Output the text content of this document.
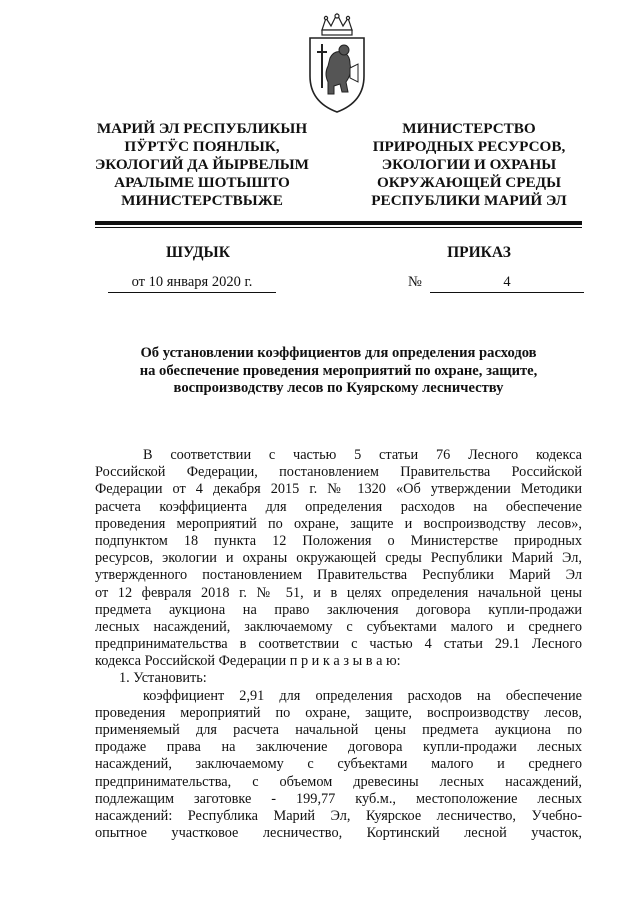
МАРИЙ ЭЛ РЕСПУБЛИКЫН
ПӰРТӰС ПОЯНЛЫК,
ЭКОЛОГИЙ ДА ЙЫРВЕЛЫМ
АРАЛЫМЕ ШОТЫШТО
МИНИСТЕРСТВЫЖЕ
МИНИСТЕРСТВО
ПРИРОДНЫХ РЕСУРСОВ,
ЭКОЛОГИИ И ОХРАНЫ
ОКРУЖАЮЩЕЙ СРЕДЫ
РЕСПУБЛИКИ МАРИЙ ЭЛ
ШУДЫК	ПРИКАЗ
от 10 января 2020 г.	№	4
Об установлении коэффициентов для определения расходов
на обеспечение проведения мероприятий по охране, защите,
воспроизводству лесов по Куярскому лесничеству
В соответствии с частью 5 статьи 76 Лесного кодекса
Российской Федерации, постановлением Правительства Российской
Федерации от 4 декабря 2015 г. № 1320 «Об утверждении Методики
расчета коэффициента для определения расходов на обеспечение
проведения мероприятий по охране, защите и воспроизводству лесов»,
подпунктом 18 пункта 12 Положения о Министерстве природных
ресурсов, экологии и охраны окружающей среды Республики Марий Эл,
утвержденного постановлением Правительства Республики Марий Эл
от 12 февраля 2018 г. № 51, и в целях определения начальной цены
предмета аукциона на право заключения договора купли-продажи
лесных насаждений, заключаемому с субъектами малого и среднего
предпринимательства в соответствии с частью 4 статьи 29.1 Лесного
кодекса Российской Федерации п р и к а з ы в а ю:
1. Установить:
коэффициент 2,91 для определения расходов на обеспечение
проведения мероприятий по охране, защите, воспроизводству лесов,
применяемый для расчета начальной цены предмета аукциона по
продаже права на заключение договора купли-продажи лесных
насаждений, заключаемому с субъектами малого и среднего
предпринимательства, с объемом древесины лесных насаждений,
подлежащим заготовке - 199,77 куб.м., местоположение лесных
насаждений: Республика Марий Эл, Куярское лесничество, Учебно-
опытное участковое лесничество, Кортинский лесной участок,
